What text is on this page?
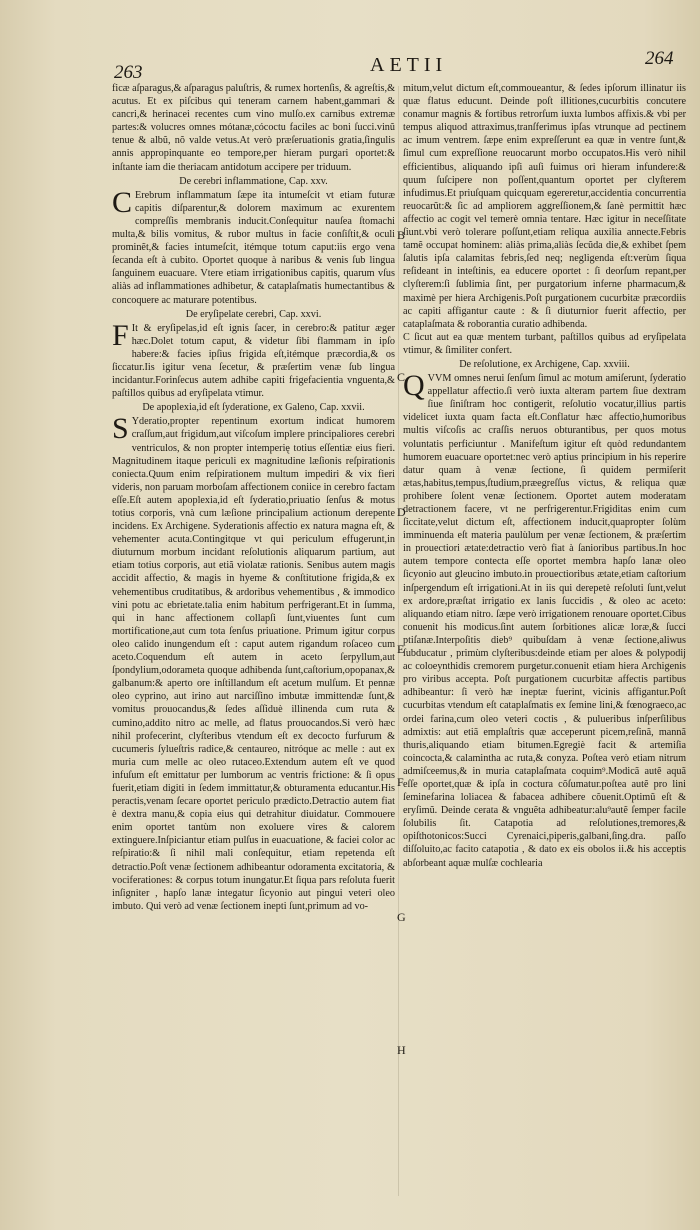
263	AETII	264
B
C
D
E
F
G
H

ficæ aſparagus,& aſparagus paluſtris, & rumex hortenſis, & agreſtis,& acutus. Et ex piſcibus qui teneram carnem habent,gammari & cancri,& herinacei recentes cum vino mulſo.ex carnibus extremæ partes:& volucres omnes mótanæ,cócoctu faciles ac boni ſucci.vinũ tenue & albũ, nõ valde vetus.At verò præſeruationis gratia,ſingulis annis appropinquante eo tempore,per hieram purgari oportet:& inſtante iam die theriacam antidotum accipere per triduum.

De cerebri inflammatione, Cap. xxv.

C Erebrum inflammatum ſæpe ita intumeſcit vt etiam futuræ capitis diſparentur,& dolorem maximum ac exurentem compreſſis membranis inducit.Conſequitur nauſea ſtomachi multa,& bilis vomitus, & rubor multus in facie conſiſtit,& oculi prominẽt,& facies intumeſcit, itémque totum caput:iis ergo vena ſecanda eſt à cubito. Oportet quoque à naribus & venis ſub lingua ſanguinem euacuare. Vtere etiam irrigationibus capitis, quarum vſus aliàs ad inflammationes adhibetur, & cataplaſmatis humectantibus & concoquere ac maturare potentibus.

De eryſipelate cerebri, Cap. xxvi.

F It & eryſipelas,id eſt ignis ſacer, in cerebro:& patitur æger hæc.Dolet totum caput, & videtur ſibi flammam in ipſo habere:& facies ipſius frigida eſt,itémque præcordia,& os ſiccatur.Iis igitur vena ſecetur, & præſertim venæ ſub lingua incidantur.Forinſecus autem adhibe capiti frigefacientia vnguenta,& paſtillos quibus ad eryſipelata vtimur.

De apoplexia,id eſt ſyderatione, ex Galeno, Cap. xxvii.

S Yderatio,propter repentinum exortum indicat humorem craſſum,aut frigidum,aut viſcoſum implere principaliores cerebri ventriculos, & non propter intemperię totius eſſentiæ eius fieri. Magnitudinem itaque periculi ex magnitudine læſionis reſpirationis coniecta.Quum enim reſpirationem multum impediri & vix fieri videris, non paruam morboſam affectionem coniice in cerebro factam eſſe.Eſt autem apoplexia,id eſt ſyderatio,priuatio ſenſus & motus totius corporis, vnà cum læſione principalium actionum derepente incidens. Ex Archigene. Syderationis affectio ex natura magna eſt, & vehementer acuta.Contingitque vt qui periculum effugerunt,in diuturnum morbum incidant reſolutionis aliquarum partium, aut etiam totius corporis, aut etiã violatæ rationis. Senibus autem magis accidit affectio, & magis in hyeme & conſtitutione frigida,& ex vehementibus cruditatibus, & ardoribus vehementibus , & immodico vini potu ac ebrietate.talia enim habitum perfrigerant.Et in ſumma, qui in hanc affectionem collapſi ſunt,viuentes ſunt cum mortificatione,aut cum tota ſenſus priuatione. Primum igitur corpus oleo calido inungendum eſt : caput autem rigandum roſaceo cum aceto.Coquendum eſt autem in aceto ſerpyllum,aut ſpondylium,odorameta quoque adhibenda ſunt,caſtorium,opopanax,& galbanum:& aperto ore inſtillandum eſt acetum mulſum. Et pennæ oleo cyprino, aut irino aut narciſſino imbutæ immittendæ ſunt,& vomitus prouocandus,& ſedes aſſiduè illinenda cum ruta & cumino,addito nitro ac melle, ad flatus prouocandos.Si verò hæc nihil profecerint, clyſteribus vtendum eſt ex decocto furfurum & cucumeris ſylueſtris radice,& centaureo, nitróque ac melle : aut ex muria cum melle ac oleo rutaceo.Extendum autem eſt ve quod infuſum eſt emittatur per lumborum ac ventris frictione: & ſi opus fuerit,etiam digiti in ſedem immittatur,& obturamenta educantur.His peractis,venam ſecare oportet periculo prædicto.Detractio autem fiat è dextra manu,& copia eius qui detrahitur diuidatur. Commouere enim oportet tantùm non exoluere vires & calorem extinguere.Inſpiciantur etiam pulſus in euacuatione, & faciei color ac reſpiratio:& ſi nihil mali conſequitur, etiam repetenda eſt detractio.Poſt venæ ſectionem adhibeantur odoramenta excitatoria, & vociferationes: & corpus totum inungatur.Et ſiqua pars reſoluta fuerit inſigniter , hapſo lanæ integatur ſicyonio aut pingui veteri oleo imbuto. Qui verò ad venæ ſectionem inepti ſunt,primum ad vo-

mitum,velut dictum eſt,commoueantur, & ſedes ipſorum illinatur iis quæ flatus educunt. Deinde poſt illitiones,cucurbitis concutere conamur magnis & fortibus retrorſum iuxta lumbos affixis.& vbi per tempus aliquod attraximus,tranſferimus ipſas vtrunque ad pectinem ac imum ventrem. ſæpe enim expreſſerunt ea quæ in ventre ſunt,& ſimul cum expreſſione reuocarunt morbo occupatos.His verò nihil efficientibus, aliquando ipſi auſi fuimus ori hieram infundere:& quum ſuſcipere non poſſent,quantum oportet per clyſterem infudimus.Et priuſquam quicquam egereretur,accidentia concurrentia reuocarũt:& ſic ad ampliorem aggreſſionem,& ſanè permittit hæc affectio ac cogit vel temerè omnia tentare. Hæc igitur in neceſſitate ſiunt.vbi verò tolerare poſſunt,etiam reliqua auxilia annecte.Febris tamẽ occupat hominem: aliàs prima,aliàs ſecũda die,& exhibet ſpem ſalutis ipſa calamitas febris,ſed neq; negligenda eſt:verùm ſiqua reſideant in inteſtinis, ea educere oportet : ſi deorſum repant,per clyſterem:ſi ſublimia ſint, per purgatorium inferne pharmacum,& maximè per hiera Archigenis.Poſt purgationem cucurbitæ præcordiis ac capiti affigantur caute : & ſi diuturnior fuerit affectio, per cataplaſmata & roborantia curatio adhibenda.

C ſicut aut ea quæ mentem turbant, paſtillos quibus ad eryſipelata vtimur, & ſimiliter confert.

De reſolutione, ex Archigene, Cap. xxviii.

QVVM omnes nerui ſenſum ſimul ac motum amiſerunt, ſyderatio appellatur affectio.ſi verò iuxta alteram partem ſiue dextram ſiue ſiniſtram hoc contigerit, reſolutio vocatur,illius partis videlicet iuxta quam facta eſt.Conflatur hæc affectio,humoribus multis viſcoſis ac craſſis neruos obturantibus, per quos motus voluntatis perficiuntur . Manifeſtum igitur eſt quòd redundantem humorem euacuare oportet:nec verò aptius principium in his reperire datur quam à venæ ſectione, ſi quidem permiſerit ætas,habitus,tempus,ſtudium,præegreſſus victus, & reliqua quæ prohibere ſolent venæ ſectionem. Oportet autem moderatam detractionem facere, vt ne perfrigerentur.Frigiditas enim cum ſiccitate,velut dictum eſt, affectionem inducit,quapropter ſolùm imminuenda eſt materia paulùlum per venæ ſectionem, & præſertim in prouectiori ætate:detractio verò fiat à ſanioribus partibus.In hoc autem tempore contecta eſſe oportet membra hapſo lanæ oleo ſicyonio aut gleucino imbuto.in prouectioribus ætate,etiam caſtorium inſpergendum eſt irrigationi.At in iis qui derepetè reſoluti ſunt,velut ex ardore,præſtat irrigatio ex lanis ſuccidis , & oleo ac aceto: aliquando etiam nitro. ſæpe verò irrigationem renouare oportet.Cibus conuenit his modicus.ſint autem ſorbitiones alicæ loræ,& ſucci ptiſanæ.Interpoſitis dieb⁹ quibuſdam à venæ ſectione,aliwus ſubducatur , primùm clyſteribus:deinde etiam per aloes & polypodij ac coloeynthidis cremorem purgetur.conuenit etiam hiera Archigenis pro viribus accepta. Poſt purgationem cucurbitæ affectis partibus adhibeantur: ſi verò hæ ineptæ fuerint, vicinis affigantur.Poſt cucurbitas vtendum eſt cataplaſmatis ex ſemine lini,& fœnograeco,ac ordei farina,cum oleo veteri coctis , & pulueribus inſperſilibus admixtis: aut etiã emplaſtris quæ acceperunt picem,reſinã, mannã thuris,aliquando etiam bitumen.Egregiè facit & artemiſia coincocta,& calamintha ac ruta,& conyza. Poſtea verò etiam nitrum admiſceemus,& in muria cataplaſmata coquim⁹.Modicã autẽ aquã eſſe oportet,quæ & ipſa in coctura cõſumatur.poſtea autẽ pro lini ſeminefarina loliacea & fabacea adhibere cõuenit.Optimũ eſt & eryſimũ. Deinde cerata & vnguẽta adhibeatur:alu⁹autẽ ſemper facile ſolubilis ſit. Catapotia ad reſolutiones,tremores,& opiſthotonicos:Succi Cyrenaici,piperis,galbani,ſing.dra. paſſo diſſoluito,ac facito catapotia , & dato ex eis obolos ii.& his acceptis abſorbeant aquæ mulſæ cochlearia
